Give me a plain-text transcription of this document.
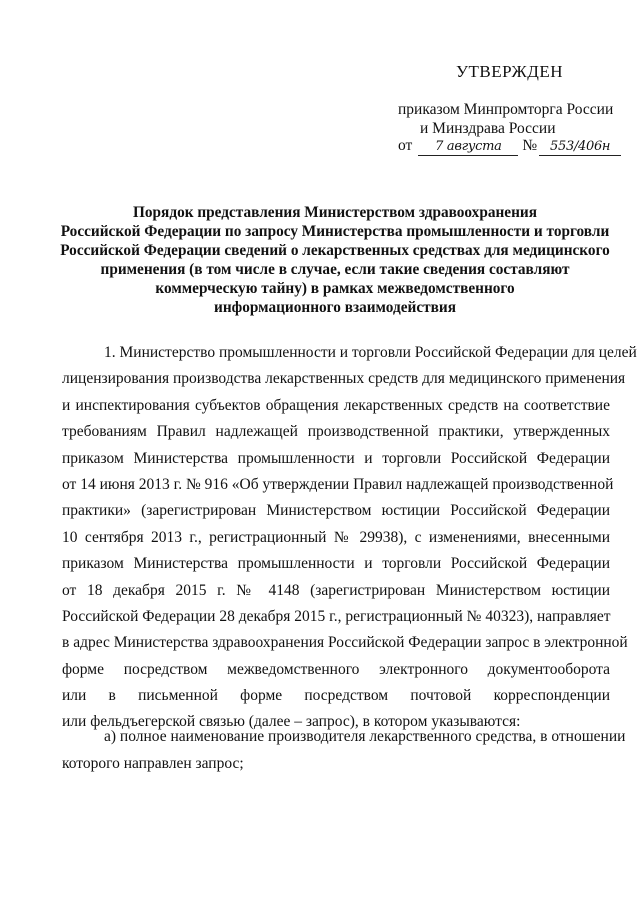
УТВЕРЖДЕН
приказом Минпромторга России
и Минздрава России
от 7 августа № 553/406н
Порядок представления Министерством здравоохранения
Российской Федерации по запросу Министерства промышленности и торговли
Российской Федерации сведений о лекарственных средствах для медицинского
применения (в том числе в случае, если такие сведения составляют
коммерческую тайну) в рамках межведомственного
информационного взаимодействия
1. Министерство промышленности и торговли Российской Федерации для целей
лицензирования производства лекарственных средств для медицинского применения
и инспектирования субъектов обращения лекарственных средств на соответствие
требованиям Правил надлежащей производственной практики, утвержденных
приказом Министерства промышленности и торговли Российской Федерации
от 14 июня 2013 г. № 916 «Об утверждении Правил надлежащей производственной
практики» (зарегистрирован Министерством юстиции Российской Федерации
10 сентября 2013 г., регистрационный № 29938), с изменениями, внесенными
приказом Министерства промышленности и торговли Российской Федерации
от 18 декабря 2015 г. № 4148 (зарегистрирован Министерством юстиции
Российской Федерации 28 декабря 2015 г., регистрационный № 40323), направляет
в адрес Министерства здравоохранения Российской Федерации запрос в электронной
форме посредством межведомственного электронного документооборота
или в письменной форме посредством почтовой корреспонденции
или фельдъегерской связью (далее – запрос), в котором указываются:
а) полное наименование производителя лекарственного средства, в отношении
которого направлен запрос;
